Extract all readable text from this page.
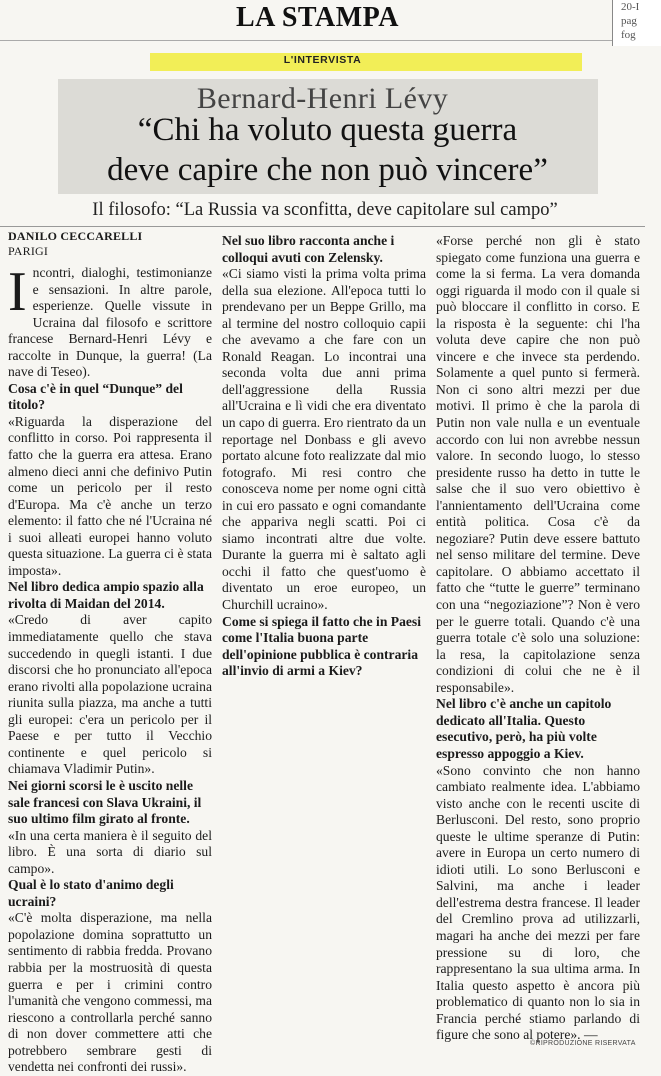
LA STAMPA	20-I
pag
fog
L'INTERVISTA
Bernard-Henri Lévy
“Chi ha voluto questa guerra
deve capire che non può vincere”
Il filosofo: “La Russia va sconfitta, deve capitolare sul campo”

DANILO CECCARELLI

PARIGI

Incontri, dialoghi, testimonianze e sensazioni. In altre parole, esperienze. Quelle vissute in Ucraina dal filosofo e scrittore francese Bernard-Henri Lévy e raccolte in Dunque, la guerra! (La nave di Teseo).

Cosa c'è in quel “Dunque” del titolo?

«Riguarda la disperazione del conflitto in corso. Poi rappresenta il fatto che la guerra era attesa. Erano almeno dieci anni che definivo Putin come un pericolo per il resto d'Europa. Ma c'è anche un terzo elemento: il fatto che né l'Ucraina né i suoi alleati europei hanno voluto questa situazione. La guerra ci è stata imposta».

Nel libro dedica ampio spazio alla rivolta di Maidan del 2014.

«Credo di aver capito immediatamente quello che stava succedendo in quegli istanti. I due discorsi che ho pronunciato all'epoca erano rivolti alla popolazione ucraina riunita sulla piazza, ma anche a tutti gli europei: c'era un pericolo per il Paese e per tutto il Vecchio continente e quel pericolo si chiamava Vladimir Putin».

Nei giorni scorsi le è uscito nelle sale francesi con Slava Ukraini, il suo ultimo film girato al fronte.

«In una certa maniera è il seguito del libro. È una sorta di diario sul campo».

Qual è lo stato d'animo degli ucraini?

«C'è molta disperazione, ma nella popolazione domina soprattutto un sentimento di rabbia fredda. Provano rabbia per la mostruosità di questa guerra e per i crimini contro l'umanità che vengono commessi, ma riescono a controllarla perché sanno di non dover commettere atti che potrebbero sembrare gesti di vendetta nei confronti dei russi».

Nel suo libro racconta anche i colloqui avuti con Zelensky.

«Ci siamo visti la prima volta prima della sua elezione. All'epoca tutti lo prendevano per un Beppe Grillo, ma al termine del nostro colloquio capii che avevamo a che fare con un Ronald Reagan. Lo incontrai una seconda volta due anni prima dell'aggressione della Russia all'Ucraina e lì vidi che era diventato un capo di guerra. Ero rientrato da un reportage nel Donbass e gli avevo portato alcune foto realizzate dal mio fotografo. Mi resi contro che conosceva nome per nome ogni città in cui ero passato e ogni comandante che appariva negli scatti. Poi ci siamo incontrati altre due volte. Durante la guerra mi è saltato agli occhi il fatto che quest'uomo è diventato un eroe europeo, un Churchill ucraino».

Come si spiega il fatto che in Paesi come l'Italia buona parte dell'opinione pubblica è contraria all'invio di armi a Kiev?

«Forse perché non gli è stato spiegato come funziona una guerra e come la si ferma. La vera domanda oggi riguarda il modo con il quale si può bloccare il conflitto in corso. E la risposta è la seguente: chi l'ha voluta deve capire che non può vincere e che invece sta perdendo. Solamente a quel punto si fermerà. Non ci sono altri mezzi per due motivi. Il primo è che la parola di Putin non vale nulla e un eventuale accordo con lui non avrebbe nessun valore. In secondo luogo, lo stesso presidente russo ha detto in tutte le salse che il suo vero obiettivo è l'annientamento dell'Ucraina come entità politica. Cosa c'è da negoziare? Putin deve essere battuto nel senso militare del termine. Deve capitolare. O abbiamo accettato il fatto che “tutte le guerre” terminano con una “negoziazione”? Non è vero per le guerre totali. Quando c'è una guerra totale c'è solo una soluzione: la resa, la capitolazione senza condizioni di colui che ne è il responsabile».

Nel libro c'è anche un capitolo dedicato all'Italia. Questo esecutivo, però, ha più volte espresso appoggio a Kiev.

«Sono convinto che non hanno cambiato realmente idea. L'abbiamo visto anche con le recenti uscite di Berlusconi. Del resto, sono proprio queste le ultime speranze di Putin: avere in Europa un certo numero di idioti utili. Lo sono Berlusconi e Salvini, ma anche i leader dell'estrema destra francese. Il leader del Cremlino prova ad utilizzarli, magari ha anche dei mezzi per fare pressione su di loro, che rappresentano la sua ultima arma. In Italia questo aspetto è ancora più problematico di quanto non lo sia in Francia perché stiamo parlando di figure che sono al potere». —

©RIPRODUZIONE RISERVATA
